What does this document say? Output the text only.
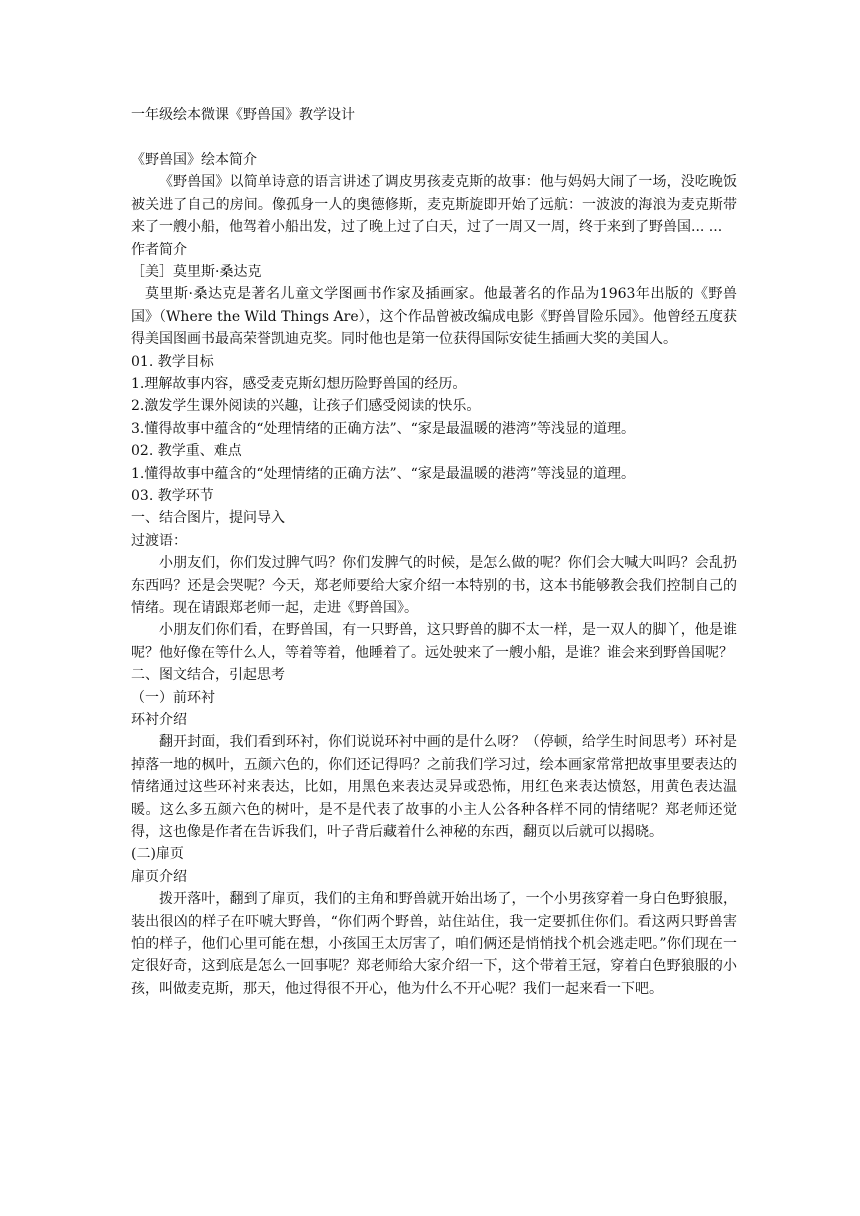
一年级绘本微课《野兽国》教学设计
《野兽国》绘本简介
《野兽国》以简单诗意的语言讲述了调皮男孩麦克斯的故事：他与妈妈大闹了一场，没吃晚饭被关进了自己的房间。像孤身一人的奥德修斯，麦克斯旋即开始了远航：一波波的海浪为麦克斯带来了一艘小船，他驾着小船出发，过了晚上过了白天，过了一周又一周，终于来到了野兽国... ...
作者简介
［美］莫里斯·桑达克
莫里斯·桑达克是著名儿童文学图画书作家及插画家。他最著名的作品为1963年出版的《野兽国》（Where the Wild Things Are），这个作品曾被改编成电影《野兽冒险乐园》。他曾经五度获得美国图画书最高荣誉凯迪克奖。同时他也是第一位获得国际安徒生插画大奖的美国人。
01. 教学目标
1.理解故事内容，感受麦克斯幻想历险野兽国的经历。
2.激发学生课外阅读的兴趣，让孩子们感受阅读的快乐。
3.懂得故事中蕴含的“处理情绪的正确方法”、“家是最温暖的港湾”等浅显的道理。
02. 教学重、难点
1.懂得故事中蕴含的“处理情绪的正确方法”、“家是最温暖的港湾”等浅显的道理。
03. 教学环节
一、结合图片，提问导入
过渡语：
小朋友们，你们发过脾气吗？你们发脾气的时候，是怎么做的呢？你们会大喊大叫吗？会乱扔东西吗？还是会哭呢？今天，郑老师要给大家介绍一本特别的书，这本书能够教会我们控制自己的情绪。现在请跟郑老师一起，走进《野兽国》。
小朋友们你们看，在野兽国，有一只野兽，这只野兽的脚不太一样，是一双人的脚丫，他是谁呢？他好像在等什么人，等着等着，他睡着了。远处驶来了一艘小船，是谁？谁会来到野兽国呢？
二、图文结合，引起思考
（一）前环衬
环衬介绍
翻开封面，我们看到环衬，你们说说环衬中画的是什么呀？（停顿，给学生时间思考）环衬是掉落一地的枫叶，五颜六色的，你们还记得吗？之前我们学习过，绘本画家常常把故事里要表达的情绪通过这些环衬来表达，比如，用黑色来表达灵异或恐怖，用红色来表达愤怒，用黄色表达温暖。这么多五颜六色的树叶，是不是代表了故事的小主人公各种各样不同的情绪呢？郑老师还觉得，这也像是作者在告诉我们，叶子背后藏着什么神秘的东西，翻页以后就可以揭晓。
(二)扉页
扉页介绍
拨开落叶，翻到了扉页，我们的主角和野兽就开始出场了，一个小男孩穿着一身白色野狼服，装出很凶的样子在吓唬大野兽，“你们两个野兽，站住站住，我一定要抓住你们。看这两只野兽害怕的样子，他们心里可能在想，小孩国王太厉害了，咱们俩还是悄悄找个机会逃走吧。”你们现在一定很好奇，这到底是怎么一回事呢？郑老师给大家介绍一下，这个带着王冠，穿着白色野狼服的小孩，叫做麦克斯，那天，他过得很不开心，他为什么不开心呢？我们一起来看一下吧。
